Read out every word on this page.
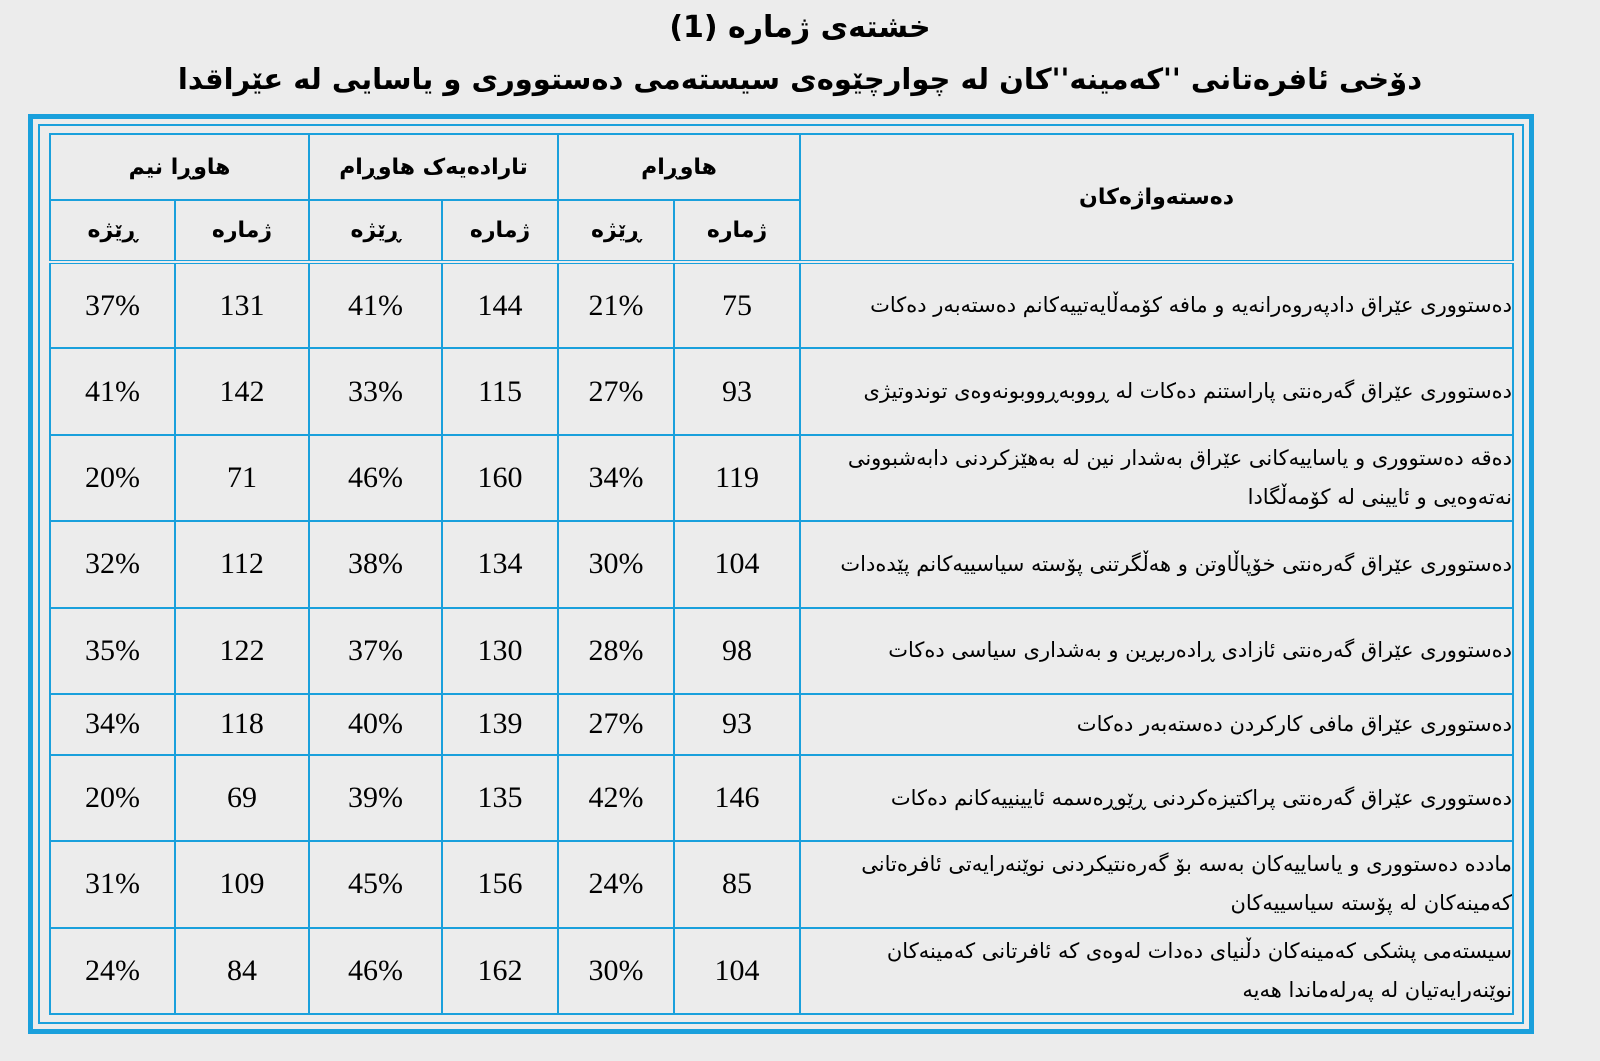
خشتەی ژمارە (1)
دۆخی ئافرەتانی ''کەمینە''کان لە چوارچێوەی سیستەمی دەستووری و یاسایی لە عێراقدا
هاوڕا نیم		تارادەیەک هاوڕام		هاوڕام		دەستەواژەکان
ڕێژە	ژمارە	ڕێژە	ژمارە	ڕێژە	ژمارە	
37%	131	41%	144	21%	75	دەستووری عێراق دادپەروەرانەیە و مافە کۆمەڵایەتییەکانم دەستەبەر دەکات
41%	142	33%	115	27%	93	دەستووری عێراق گەرەنتی پاراستنم دەکات لە ڕووبەڕووبونەوەی توندوتیژی
20%	71	46%	160	34%	119	دەقە دەستووری و یاساییەکانی عێراق بەشدار نین لە بەهێزکردنی دابەشبوونی نەتەوەیی و ئایینی لە کۆمەڵگادا
32%	112	38%	134	30%	104	دەستووری عێراق گەرەنتی خۆپاڵاوتن و هەڵگرتنی پۆستە سیاسییەکانم پێدەدات
35%	122	37%	130	28%	98	دەستووری عێراق گەرەنتی ئازادی ڕادەربڕین و بەشداری سیاسی دەکات
34%	118	40%	139	27%	93	دەستووری عێراق مافی کارکردن دەستەبەر دەکات
20%	69	39%	135	42%	146	دەستووری عێراق گەرەنتی پراکتیزەکردنی ڕێوڕەسمە ئایینییەکانم دەکات
31%	109	45%	156	24%	85	ماددە دەستووری و یاساییەکان بەسە بۆ گەرەنتیکردنی نوێنەرایەتی ئافرەتانی کەمینەکان لە پۆستە سیاسییەکان
24%	84	46%	162	30%	104	سیستەمی پشکی کەمینەکان دڵنیای دەدات لەوەی کە ئافرتانی کەمینەکان نوێنەرایەتیان لە پەرلەماندا هەیە
